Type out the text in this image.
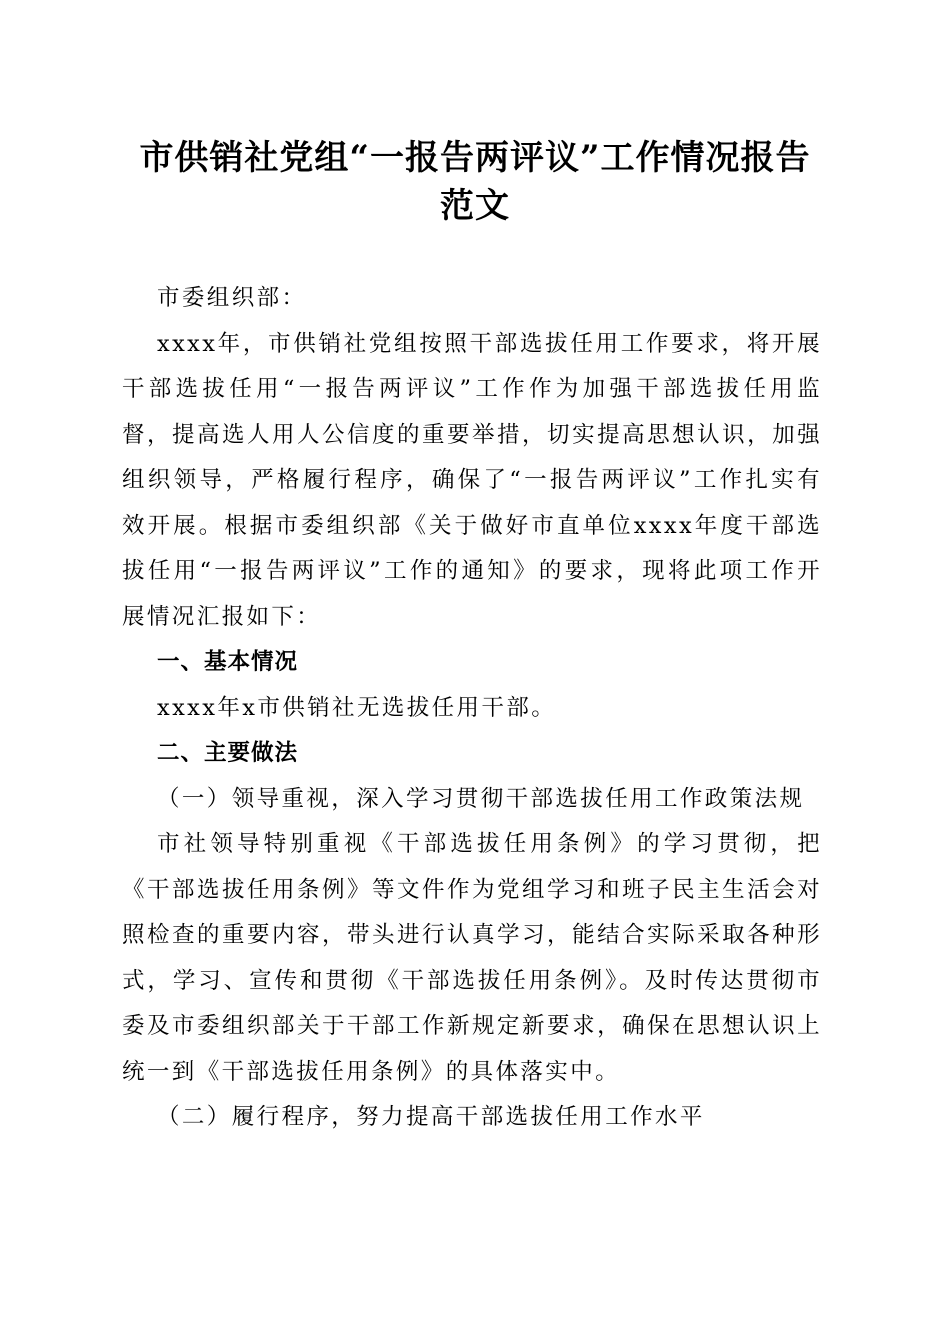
市供销社党组“一报告两评议”工作情况报告
范文

市委组织部：

xxxx年，市供销社党组按照干部选拔任用工作要求，将开展干部选拔任用“一报告两评议”工作作为加强干部选拔任用监督，提高选人用人公信度的重要举措，切实提高思想认识，加强组织领导，严格履行程序，确保了“一报告两评议”工作扎实有效开展。根据市委组织部《关于做好市直单位xxxx年度干部选拔任用“一报告两评议”工作的通知》的要求，现将此项工作开展情况汇报如下：

一、基本情况

xxxx年x市供销社无选拔任用干部。

二、主要做法

（一）领导重视，深入学习贯彻干部选拔任用工作政策法规

市社领导特别重视《干部选拔任用条例》的学习贯彻，把《干部选拔任用条例》等文件作为党组学习和班子民主生活会对照检查的重要内容，带头进行认真学习，能结合实际采取各种形式，学习、宣传和贯彻《干部选拔任用条例》。及时传达贯彻市委及市委组织部关于干部工作新规定新要求，确保在思想认识上统一到《干部选拔任用条例》的具体落实中。

（二）履行程序，努力提高干部选拔任用工作水平
